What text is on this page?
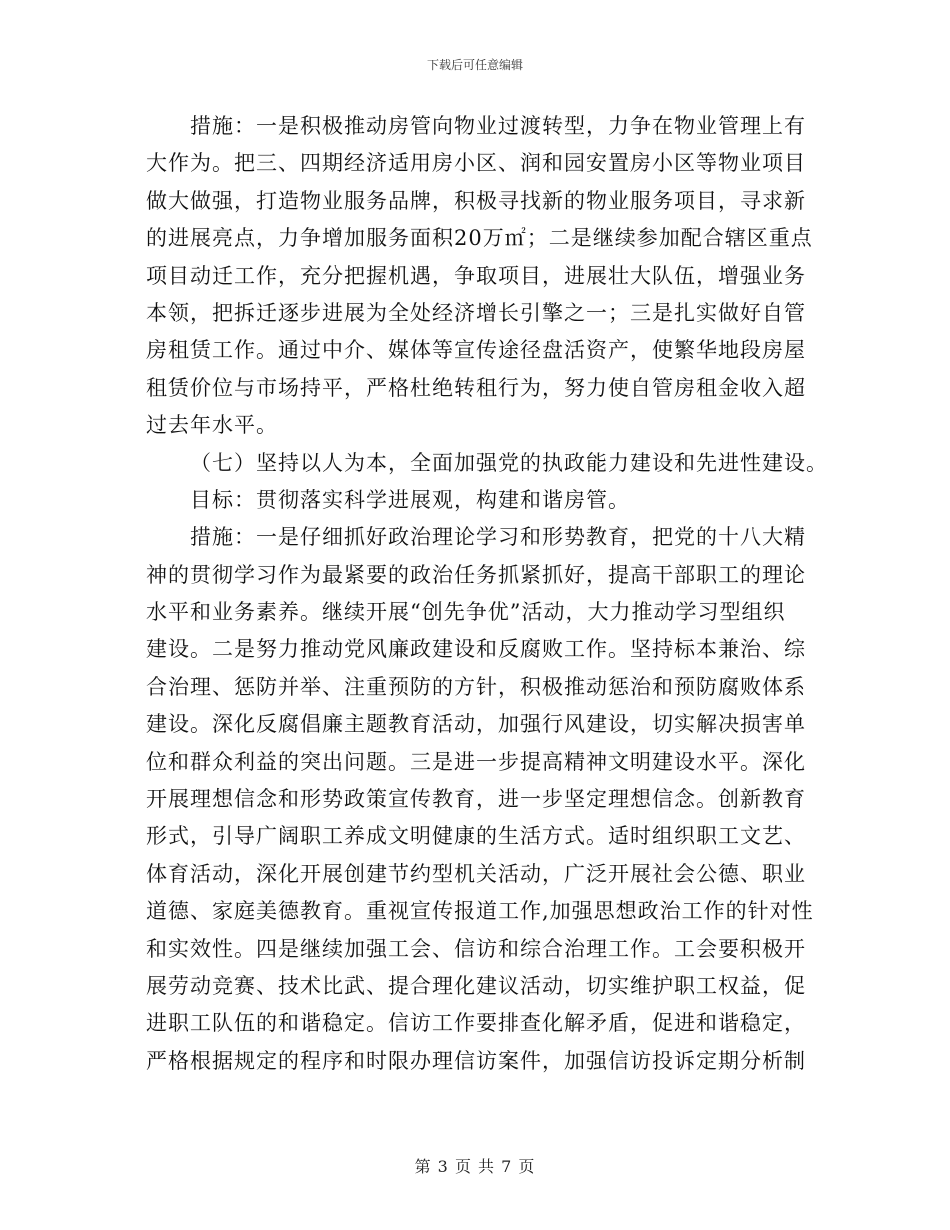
下载后可任意编辑
措施：一是积极推动房管向物业过渡转型，力争在物业管理上有
大作为。把三、四期经济适用房小区、润和园安置房小区等物业项目
做大做强，打造物业服务品牌，积极寻找新的物业服务项目，寻求新
的进展亮点，力争增加服务面积20万㎡；二是继续参加配合辖区重点
项目动迁工作，充分把握机遇，争取项目，进展壮大队伍，增强业务
本领，把拆迁逐步进展为全处经济增长引擎之一；三是扎实做好自管
房租赁工作。通过中介、媒体等宣传途径盘活资产，使繁华地段房屋
租赁价位与市场持平，严格杜绝转租行为，努力使自管房租金收入超
过去年水平。
（七）坚持以人为本，全面加强党的执政能力建设和先进性建设。
目标：贯彻落实科学进展观，构建和谐房管。
措施：一是仔细抓好政治理论学习和形势教育，把党的十八大精
神的贯彻学习作为最紧要的政治任务抓紧抓好，提高干部职工的理论
水平和业务素养。继续开展“创先争优”活动，大力推动学习型组织
建设。二是努力推动党风廉政建设和反腐败工作。坚持标本兼治、综
合治理、惩防并举、注重预防的方针，积极推动惩治和预防腐败体系
建设。深化反腐倡廉主题教育活动，加强行风建设，切实解决损害单
位和群众利益的突出问题。三是进一步提高精神文明建设水平。深化
开展理想信念和形势政策宣传教育，进一步坚定理想信念。创新教育
形式，引导广阔职工养成文明健康的生活方式。适时组织职工文艺、
体育活动，深化开展创建节约型机关活动，广泛开展社会公德、职业
道德、家庭美德教育。重视宣传报道工作,加强思想政治工作的针对性
和实效性。四是继续加强工会、信访和综合治理工作。工会要积极开
展劳动竞赛、技术比武、提合理化建议活动，切实维护职工权益，促
进职工队伍的和谐稳定。信访工作要排查化解矛盾，促进和谐稳定，
严格根据规定的程序和时限办理信访案件，加强信访投诉定期分析制
第 3 页 共 7 页
